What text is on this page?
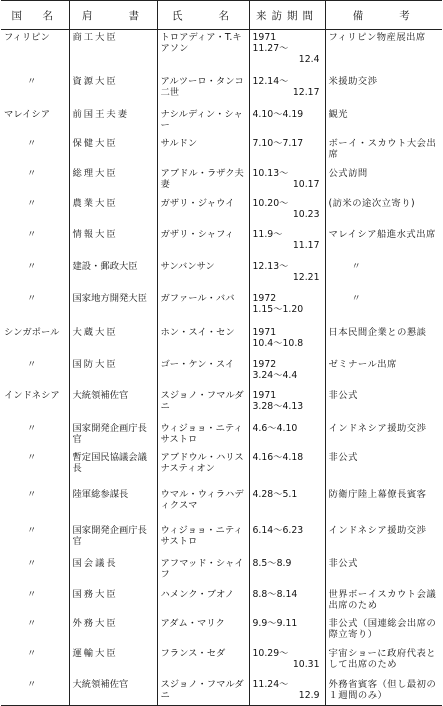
国　名	肩　　書	氏　　名	来訪期間	備　　考
フィリピン	商工大臣	トロアディア・T.キアソン	1971
11.27～
12.4	フィリピン物産展出席
〃	資源大臣	アルツーロ・タンコ二世	12.14～
12.17	米援助交渉
マレイシア	前国王夫妻	ナシルディン・シャー	4.10～4.19	観光
〃	保健大臣	サルドン	7.10～7.17	ボーイ・スカウト大会出席
〃	総理大臣	アブドル・ラザク夫妻	10.13～
10.17	公式訪問
〃	農業大臣	ガザリ・ジャウイ	10.20～
10.23	(訪米の途次立寄り)
〃	情報大臣	ガザリ・シャフィ	11.9～
11.17	マレイシア船進水式出席
〃	建設・郵政大臣	サンバンサン	12.13～
12.21	〃
〃	国家地方開発大臣	ガファール・ババ	1972
1.15～1.20	〃
シンガポール	大蔵大臣	ホン・スイ・セン	1971
10.4～10.8	日本民間企業との懇談
〃	国防大臣	ゴー・ケン・スイ	1972
3.24～4.4	ゼミナール出席
インドネシア	大統領補佐官	スジョノ・フマルダニ	1971
3.28～4.13	非公式
〃	国家開発企画庁長官	ウィジョョ・ニティサストロ	4.6～4.10	インドネシア援助交渉
〃	暫定国民協議会議長	アブドウル・ハリスナスティオン	4.16～4.18	非公式
〃	陸軍総参謀長	ウマル・ウィラハディクスマ	4.28～5.1	防衛庁陸上幕僚長賓客
〃	国家開発企画庁長官	ウィジョョ・ニティサストロ	6.14～6.23	インドネシア援助交渉
〃	国会議長	アフマッド・シャイフ	8.5～8.9	非公式
〃	国務大臣	ハメンク・ブオノ	8.8～8.14	世界ボーイスカウト会議出席のため
〃	外務大臣	アダム・マリク	9.9～9.11	非公式（国連総会出席の際立寄り）
〃	運輸大臣	フランス・セダ	10.29～
10.31	宇宙ショーに政府代表として出席のため
〃	大統領補佐官	スジョノ・フマルダニ	11.24～
12.9	外務省賓客（但し最初の１週間のみ）
